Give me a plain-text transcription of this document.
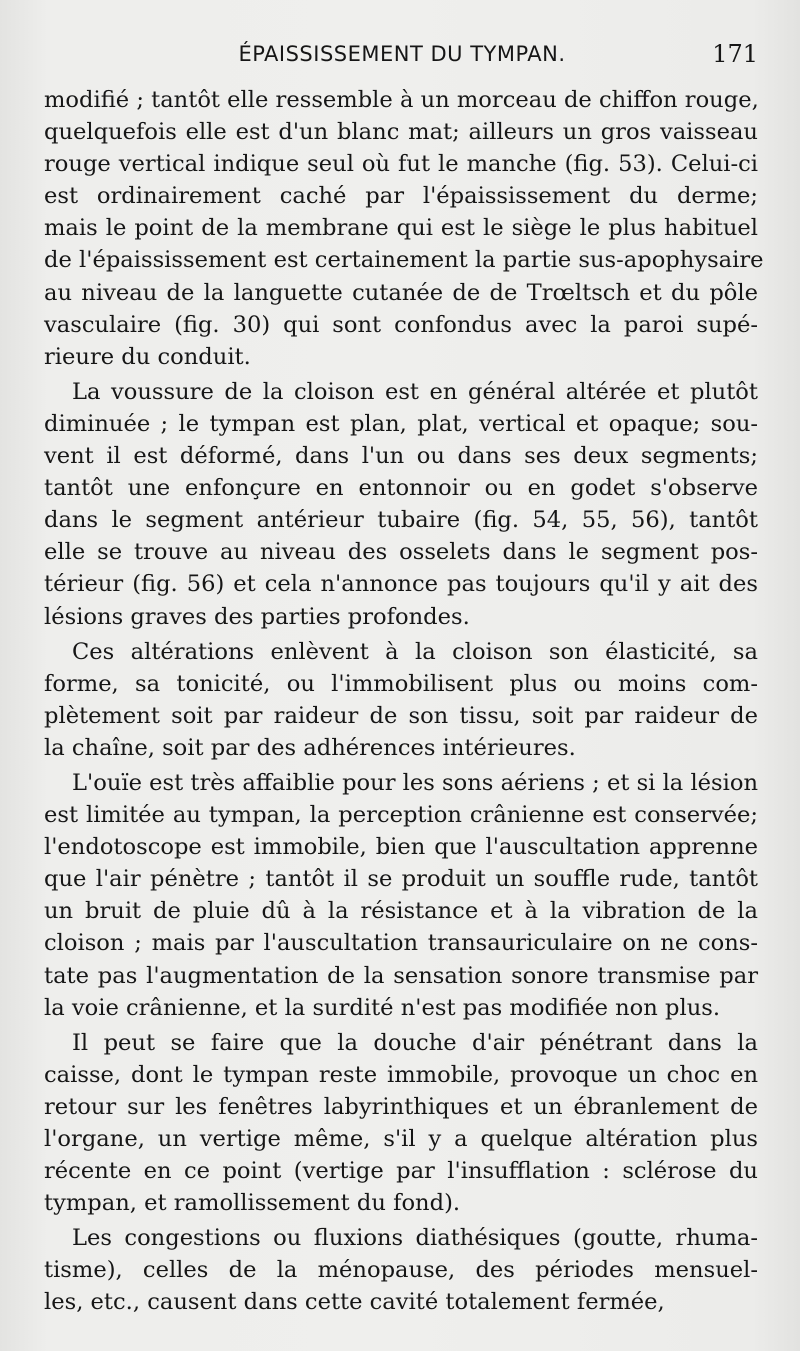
ÉPAISSISSEMENT DU TYMPAN.	171

modifié ; tantôt elle ressemble à un morceau de chiffon rouge,
quelquefois elle est d'un blanc mat; ailleurs un gros vaisseau
rouge vertical indique seul où fut le manche (fig. 53). Celui-ci
est ordinairement caché par l'épaississement du derme;
mais le point de la membrane qui est le siège le plus habituel
de l'épaississement est certainement la partie sus-apophysaire
au niveau de la languette cutanée de de Trœltsch et du pôle
vasculaire (fig. 30) qui sont confondus avec la paroi supé-
rieure du conduit.

La voussure de la cloison est en général altérée et plutôt
diminuée ; le tympan est plan, plat, vertical et opaque; sou-
vent il est déformé, dans l'un ou dans ses deux segments;
tantôt une enfonçure en entonnoir ou en godet s'observe
dans le segment antérieur tubaire (fig. 54, 55, 56), tantôt
elle se trouve au niveau des osselets dans le segment pos-
térieur (fig. 56) et cela n'annonce pas toujours qu'il y ait des
lésions graves des parties profondes.

Ces altérations enlèvent à la cloison son élasticité, sa
forme, sa tonicité, ou l'immobilisent plus ou moins com-
plètement soit par raideur de son tissu, soit par raideur de
la chaîne, soit par des adhérences intérieures.

L'ouïe est très affaiblie pour les sons aériens ; et si la lésion
est limitée au tympan, la perception crânienne est conservée;
l'endotoscope est immobile, bien que l'auscultation apprenne
que l'air pénètre ; tantôt il se produit un souffle rude, tantôt
un bruit de pluie dû à la résistance et à la vibration de la
cloison ; mais par l'auscultation transauriculaire on ne cons-
tate pas l'augmentation de la sensation sonore transmise par
la voie crânienne, et la surdité n'est pas modifiée non plus.

Il peut se faire que la douche d'air pénétrant dans la
caisse, dont le tympan reste immobile, provoque un choc en
retour sur les fenêtres labyrinthiques et un ébranlement de
l'organe, un vertige même, s'il y a quelque altération plus
récente en ce point (vertige par l'insufflation : sclérose du
tympan, et ramollissement du fond).

Les congestions ou fluxions diathésiques (goutte, rhuma-
tisme), celles de la ménopause, des périodes mensuel-
les, etc., causent dans cette cavité totalement fermée,
